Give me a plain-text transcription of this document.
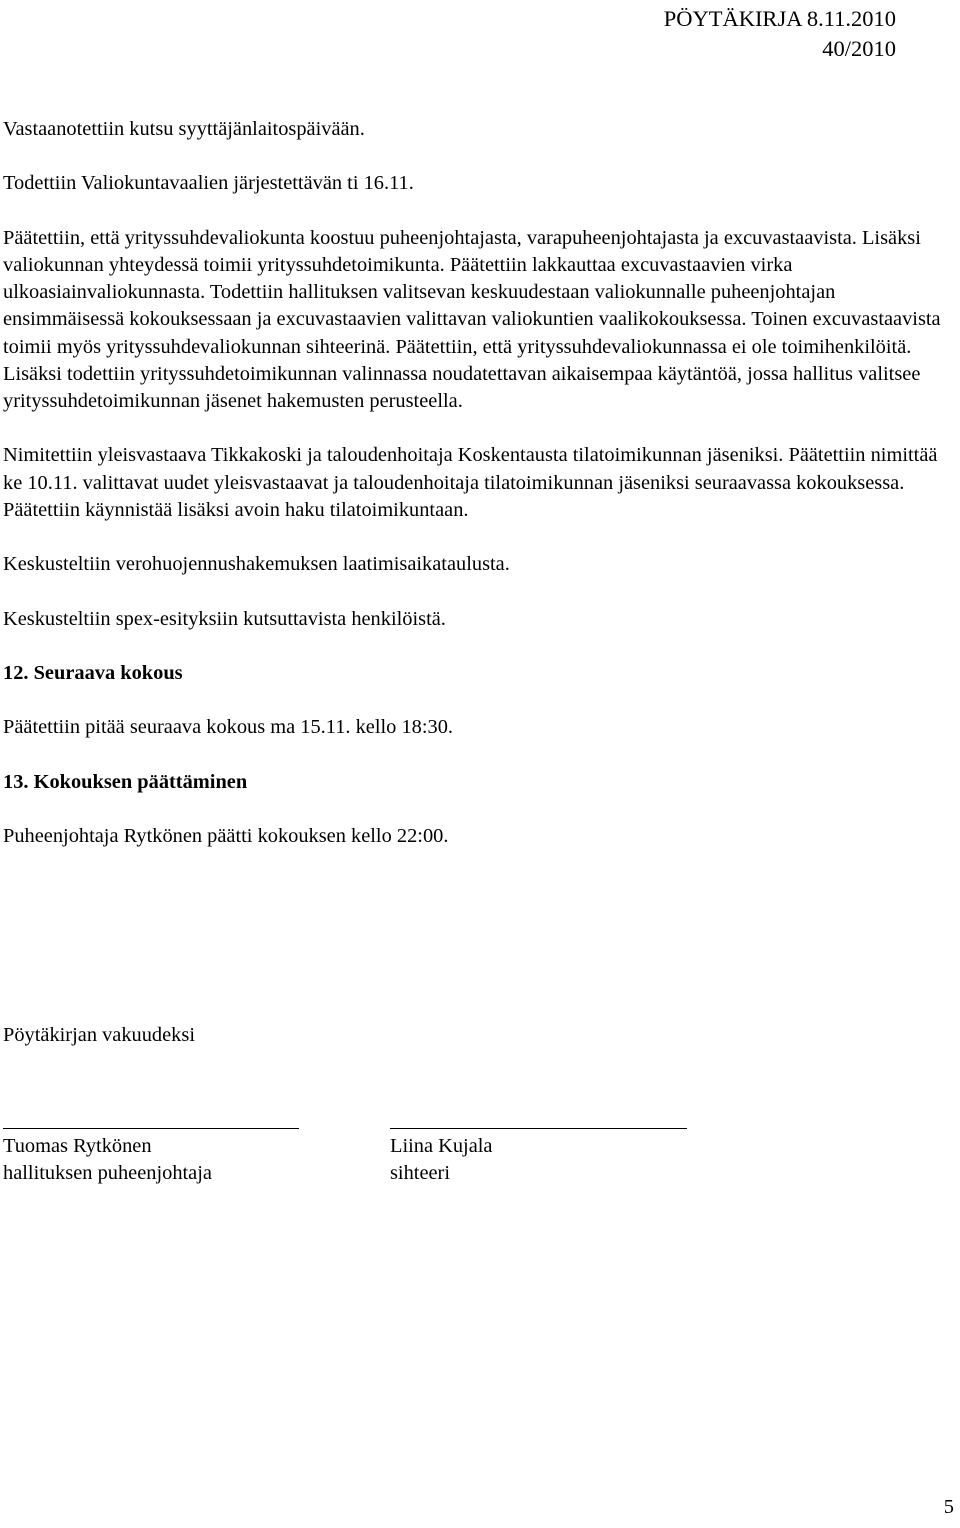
PÖYTÄKIRJA 8.11.2010
40/2010

Vastaanotettiin kutsu syyttäjänlaitospäivään.

Todettiin Valiokuntavaalien järjestettävän ti 16.11.

Päätettiin, että yrityssuhdevaliokunta koostuu puheenjohtajasta, varapuheenjohtajasta ja excuvastaavista. Lisäksi valiokunnan yhteydessä toimii yrityssuhdetoimikunta. Päätettiin lakkauttaa excuvastaavien virka ulkoasiainvaliokunnasta. Todettiin hallituksen valitsevan keskuudestaan valiokunnalle puheenjohtajan ensimmäisessä kokouksessaan ja excuvastaavien valittavan valiokuntien vaalikokouksessa. Toinen excuvastaavista toimii myös yrityssuhdevaliokunnan sihteerinä. Päätettiin, että yrityssuhdevaliokunnassa ei ole toimihenkilöitä. Lisäksi todettiin yrityssuhdetoimikunnan valinnassa noudatettavan aikaisempaa käytäntöä, jossa hallitus valitsee yrityssuhdetoimikunnan jäsenet hakemusten perusteella.

Nimitettiin yleisvastaava Tikkakoski ja taloudenhoitaja Koskentausta tilatoimikunnan jäseniksi. Päätettiin nimittää ke 10.11. valittavat uudet yleisvastaavat ja taloudenhoitaja tilatoimikunnan jäseniksi seuraavassa kokouksessa. Päätettiin käynnistää lisäksi avoin haku tilatoimikuntaan.

Keskusteltiin verohuojennushakemuksen laatimisaikataulusta.

Keskusteltiin spex-esityksiin kutsuttavista henkilöistä.

12. Seuraava kokous

Päätettiin pitää seuraava kokous ma 15.11. kello 18:30.

13. Kokouksen päättäminen

Puheenjohtaja Rytkönen päätti kokouksen kello 22:00.

Pöytäkirjan vakuudeksi
Tuomas Rytkönen
hallituksen puheenjohtaja
Liina Kujala
sihteeri
5
